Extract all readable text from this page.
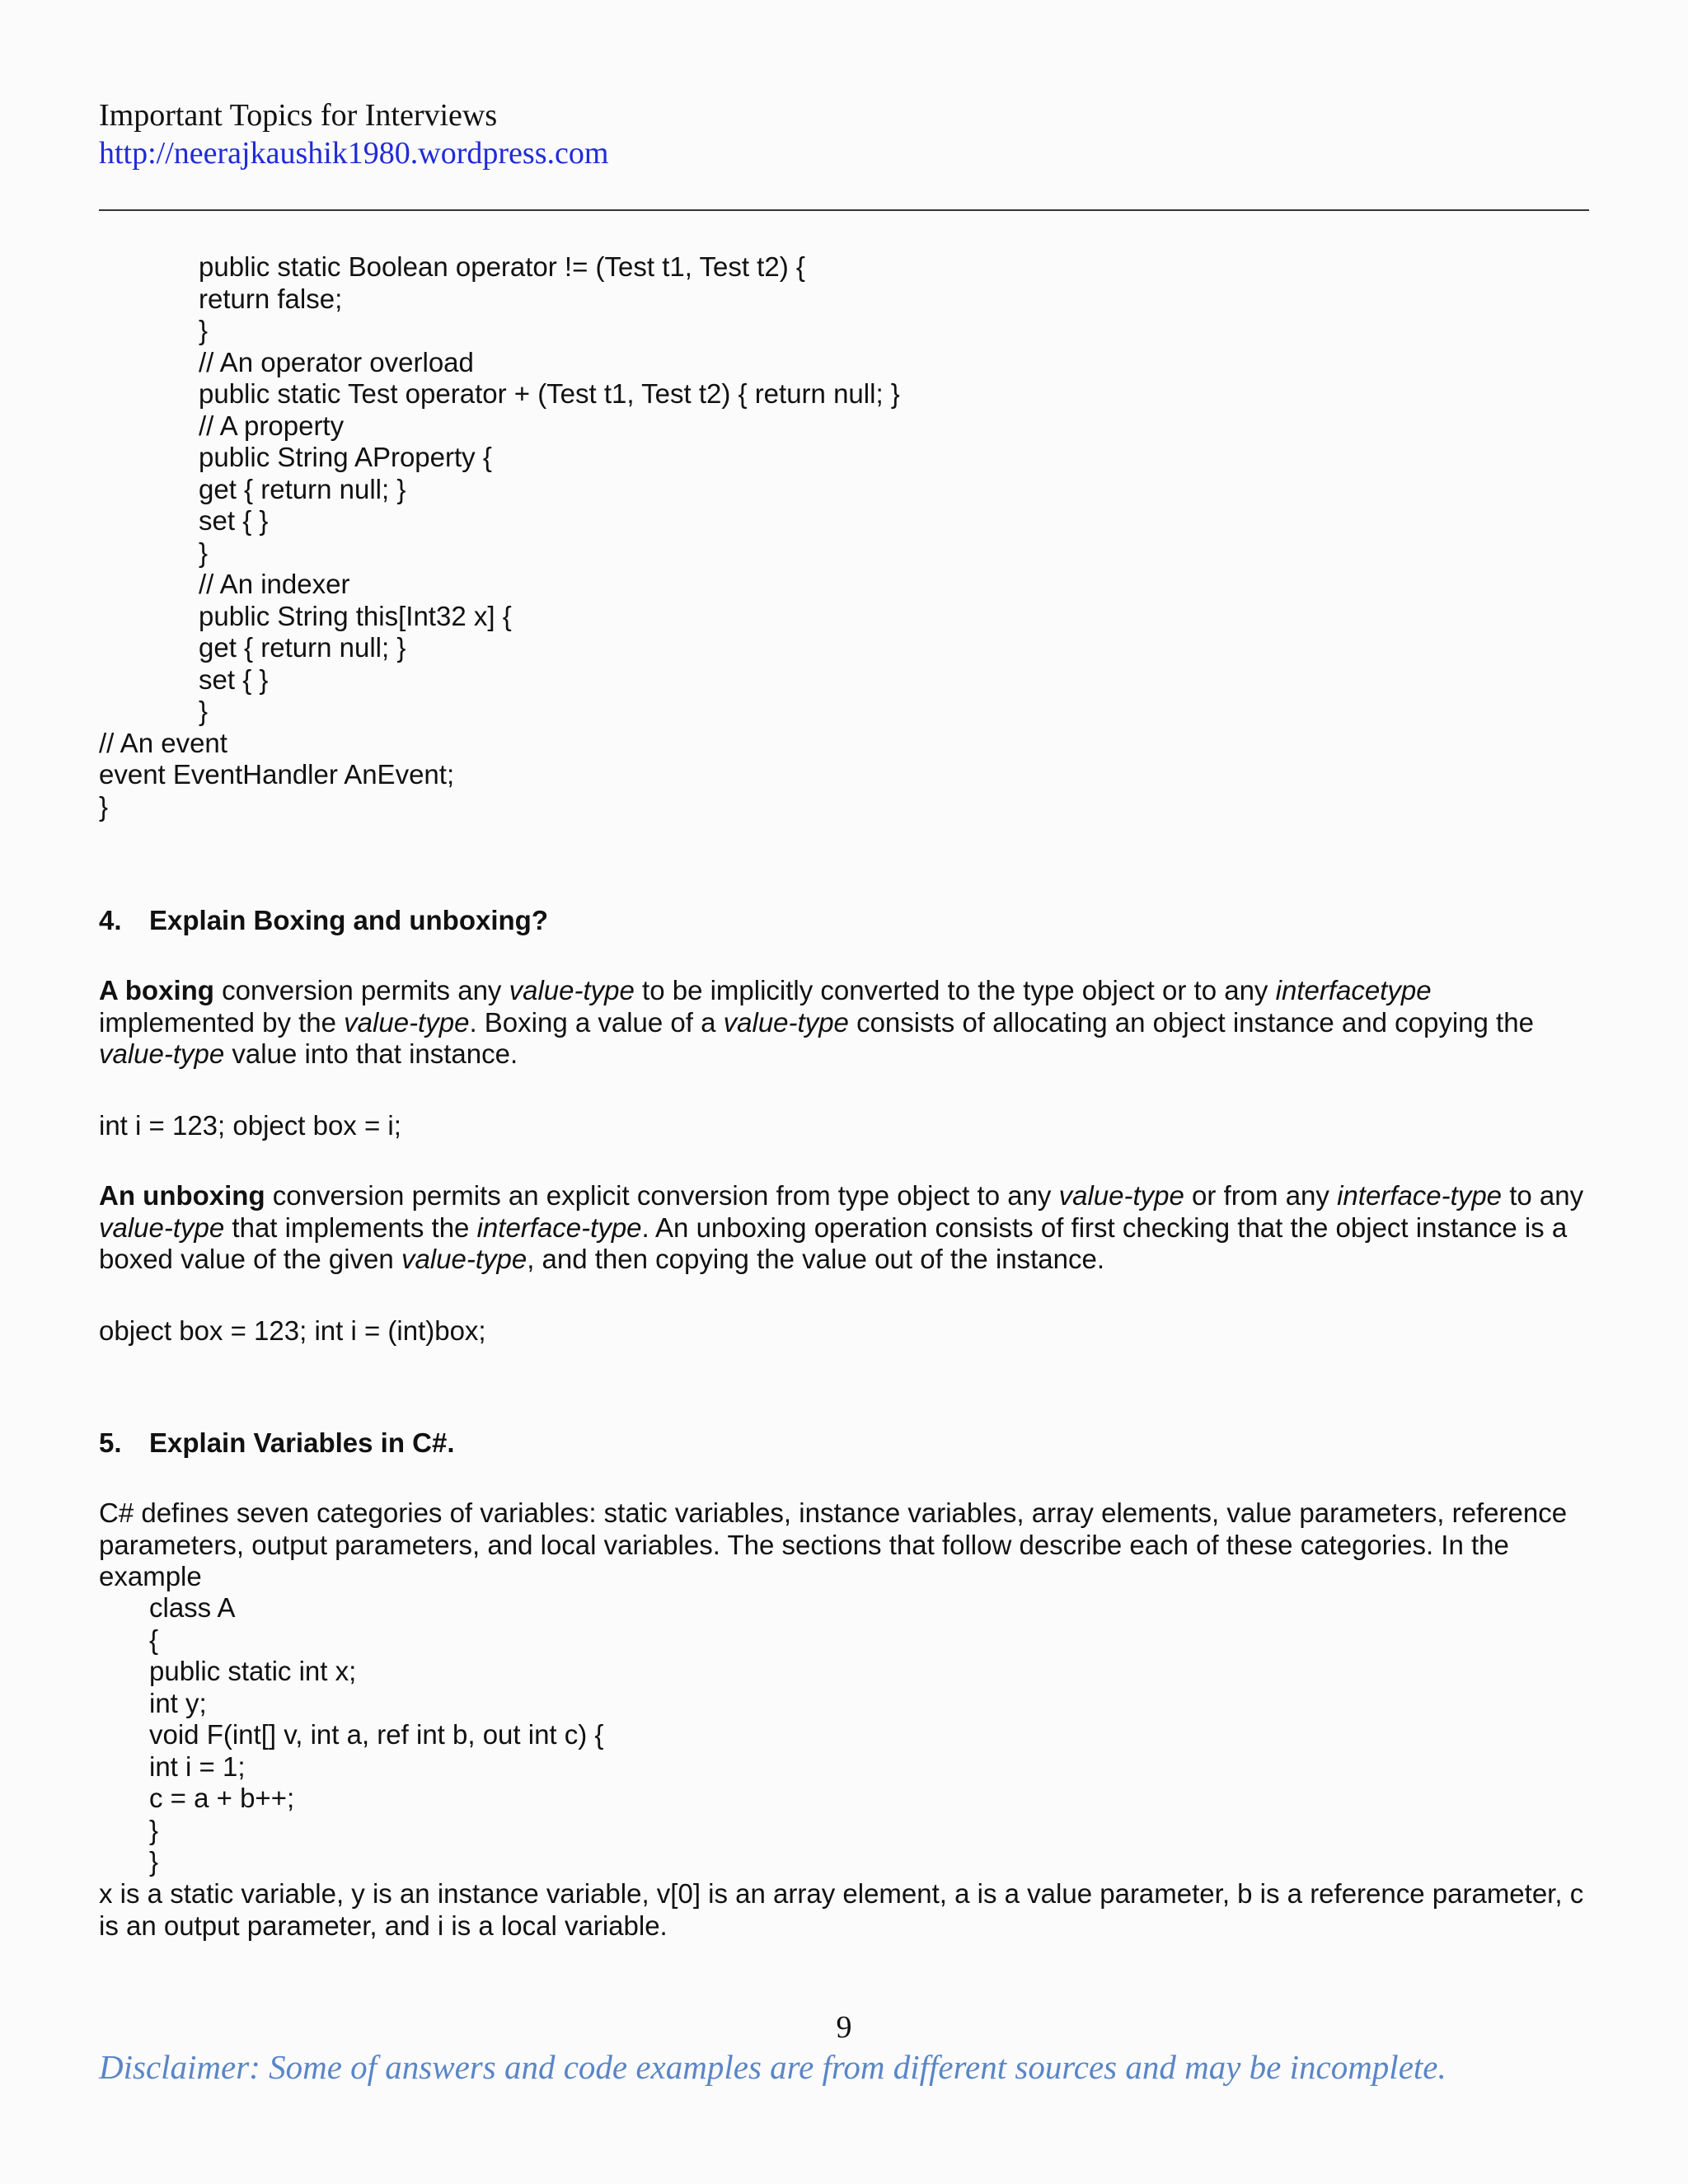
Important Topics for Interviews
http://neerajkaushik1980.wordpress.com
public static Boolean operator != (Test t1, Test t2) {
return false;
}
// An operator overload
public static Test operator + (Test t1, Test t2) { return null; }
// A property
public String AProperty {
get { return null; }
set { }
}
// An indexer
public String this[Int32 x] {
get { return null; }
set { }
}
// An event
event EventHandler AnEvent;
}
4. Explain Boxing and unboxing?

A boxing conversion permits any value-type to be implicitly converted to the type object or to any interfacetype implemented by the value-type. Boxing a value of a value-type consists of allocating an object instance and copying the value-type value into that instance.

int i = 123; object box = i;

An unboxing conversion permits an explicit conversion from type object to any value-type or from any interface-type to any value-type that implements the interface-type. An unboxing operation consists of first checking that the object instance is a boxed value of the given value-type, and then copying the value out of the instance.

object box = 123; int i = (int)box;
5. Explain Variables in C#.
C# defines seven categories of variables: static variables, instance variables, array elements, value parameters, reference parameters, output parameters, and local variables. The sections that follow describe each of these categories. In the example
class A
{
public static int x;
int y;
void F(int[] v, int a, ref int b, out int c) {
int i = 1;
c = a + b++;
}
}
x is a static variable, y is an instance variable, v[0] is an array element, a is a value parameter, b is a reference parameter, c is an output parameter, and i is a local variable.
9
Disclaimer: Some of answers and code examples are from different sources and may be incomplete.
